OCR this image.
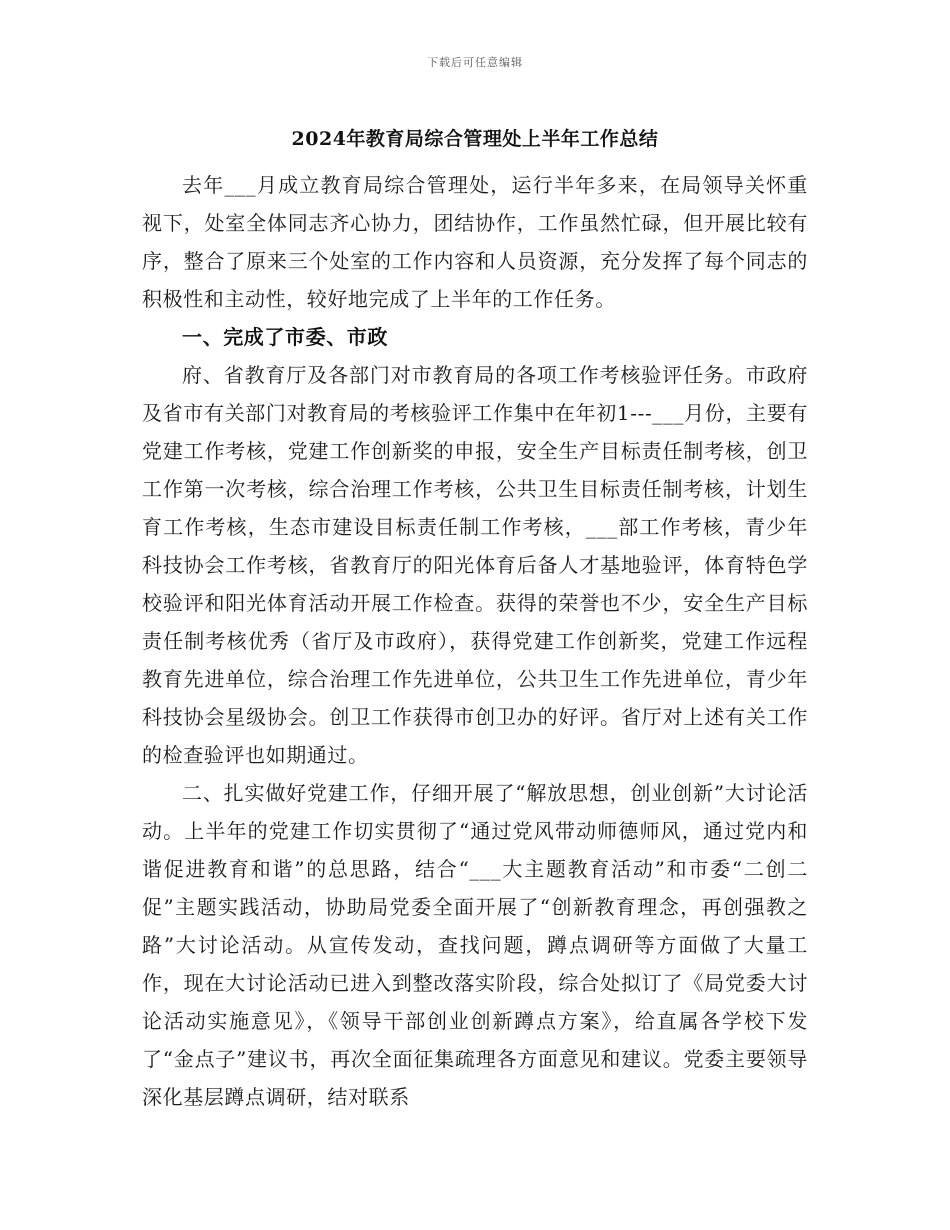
下载后可任意编辑
2024年教育局综合管理处上半年工作总结

去年___月成立教育局综合管理处，运行半年多来，在局领导关怀重视下，处室全体同志齐心协力，团结协作，工作虽然忙碌，但开展比较有序，整合了原来三个处室的工作内容和人员资源，充分发挥了每个同志的积极性和主动性，较好地完成了上半年的工作任务。

一、完成了市委、市政

府、省教育厅及各部门对市教育局的各项工作考核验评任务。市政府及省市有关部门对教育局的考核验评工作集中在年初1---___月份，主要有党建工作考核，党建工作创新奖的申报，安全生产目标责任制考核，创卫工作第一次考核，综合治理工作考核，公共卫生目标责任制考核，计划生育工作考核，生态市建设目标责任制工作考核，___部工作考核，青少年科技协会工作考核，省教育厅的阳光体育后备人才基地验评，体育特色学校验评和阳光体育活动开展工作检查。获得的荣誉也不少，安全生产目标责任制考核优秀（省厅及市政府），获得党建工作创新奖，党建工作远程教育先进单位，综合治理工作先进单位，公共卫生工作先进单位，青少年科技协会星级协会。创卫工作获得市创卫办的好评。省厅对上述有关工作的检查验评也如期通过。

二、扎实做好党建工作，仔细开展了“解放思想，创业创新”大讨论活动。上半年的党建工作切实贯彻了“通过党风带动师德师风，通过党内和谐促进教育和谐”的总思路，结合“___大主题教育活动”和市委“二创二促”主题实践活动，协助局党委全面开展了“创新教育理念，再创强教之路”大讨论活动。从宣传发动，查找问题，蹲点调研等方面做了大量工作，现在大讨论活动已进入到整改落实阶段，综合处拟订了《局党委大讨论活动实施意见》，《领导干部创业创新蹲点方案》，给直属各学校下发了“金点子”建议书，再次全面征集疏理各方面意见和建议。党委主要领导深化基层蹲点调研，结对联系
